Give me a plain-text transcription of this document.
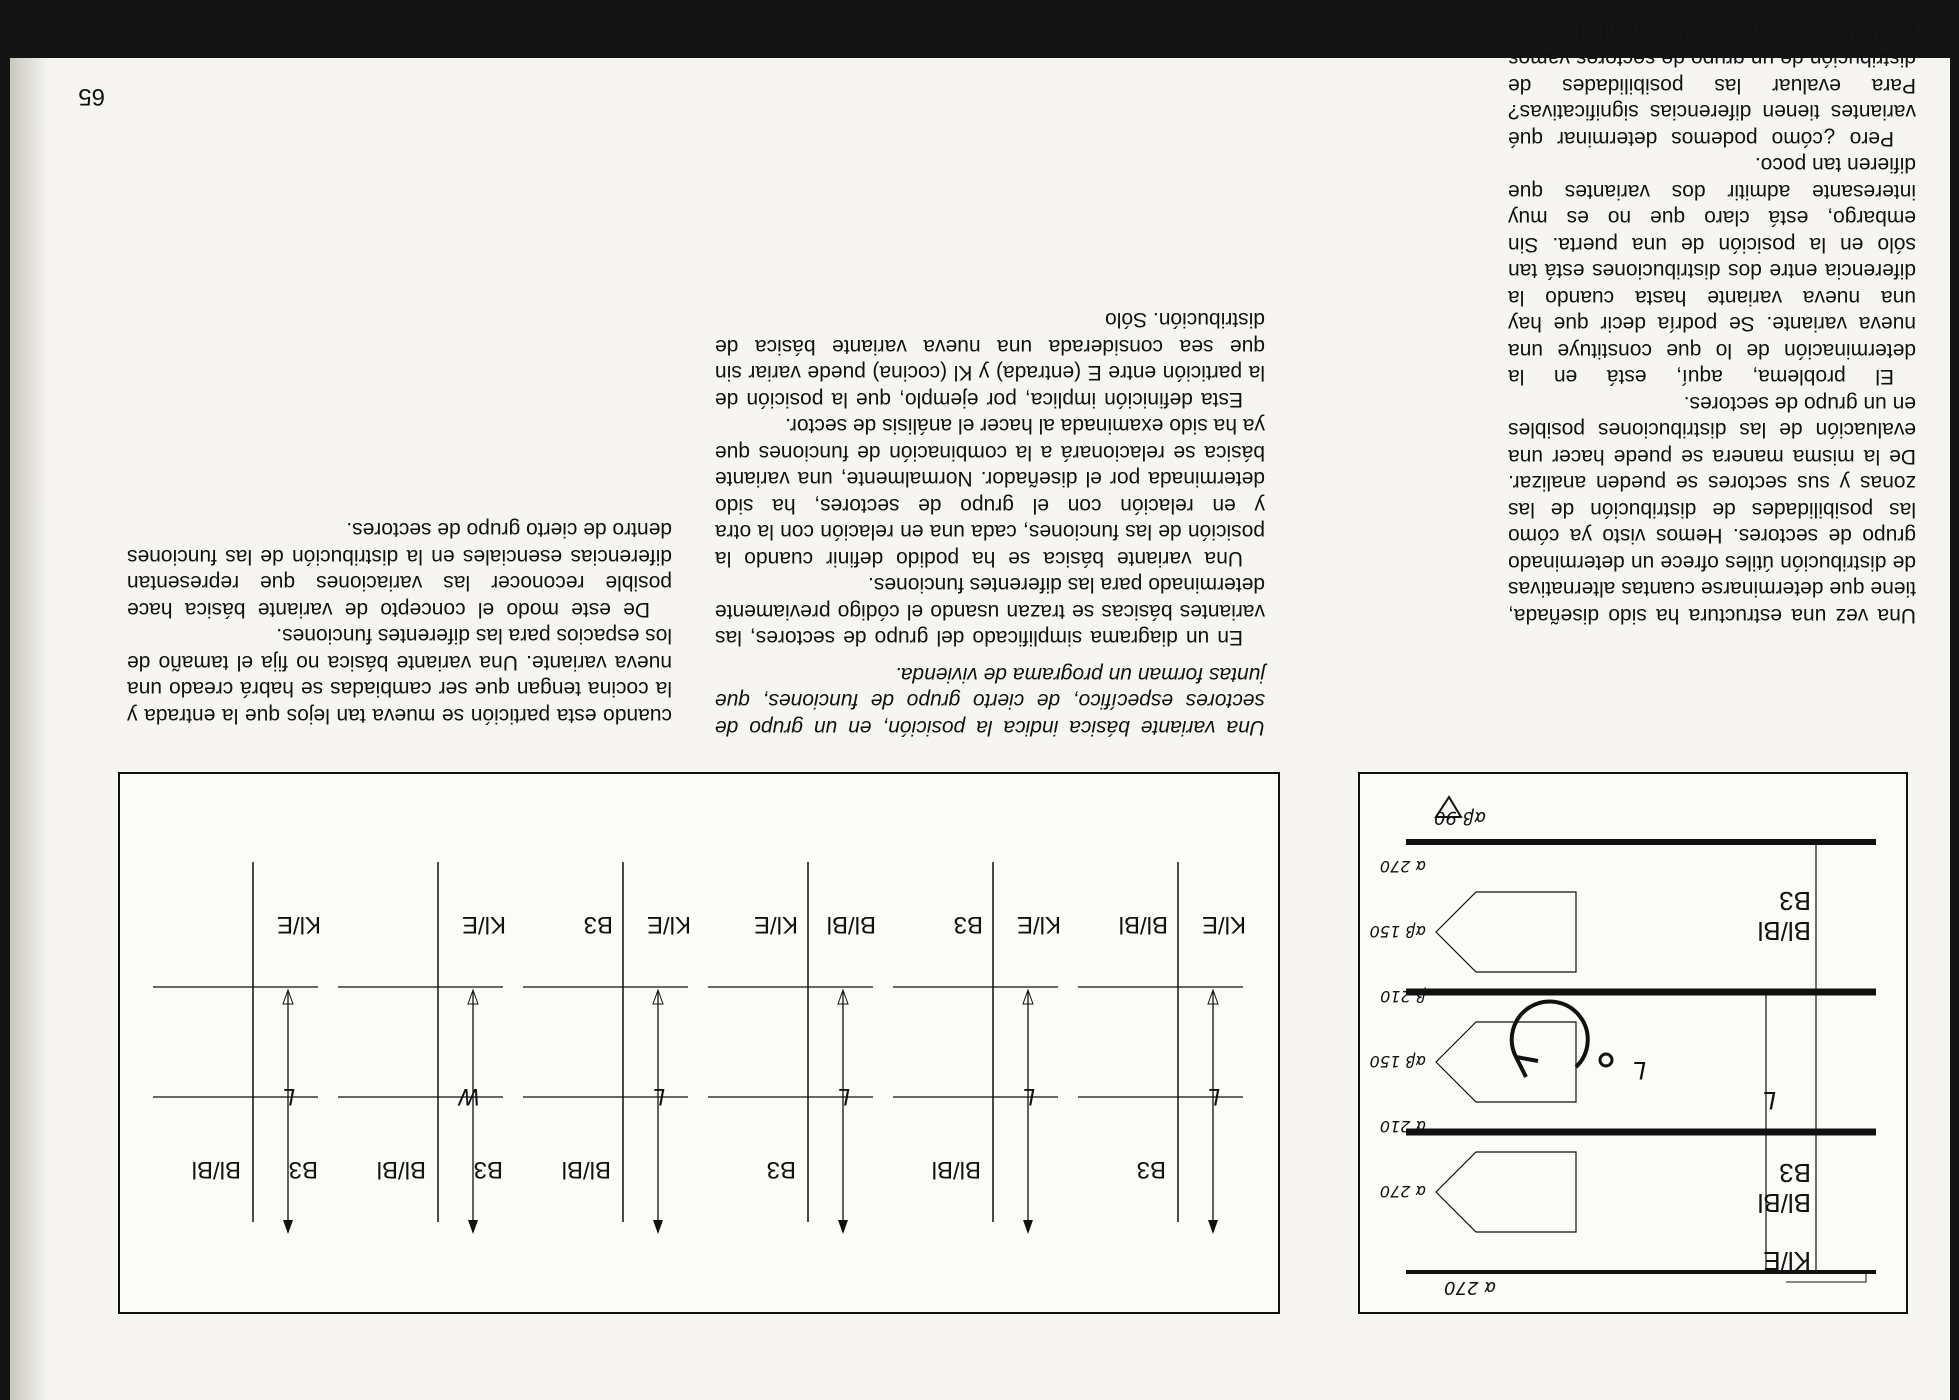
65

Una vez una estructura ha sido diseñada, tiene que determinarse cuantas alternativas de distribución útiles ofrece un determinado grupo de sectores. Hemos visto ya cómo las posibilidades de distribución de las zonas y sus sectores se pueden analizar. De la misma manera se puede hacer una evaluación de las distribuciones posibles en un grupo de sectores.

El problema, aquí, está en la determinación de lo que constituye una nueva variante. Se podría decir que hay una nueva variante hasta cuando la diferencia entre dos distribuciones está tan sólo en la posición de una puerta. Sin embargo, está claro que no es muy interesante admitir dos variantes que difieren tan poco.

Pero ¿cómo podemos determinar qué variantes tienen diferencias significativas? Para evaluar las posibilidades de distribución de un grupo de sectores vamos a introducir el concepto de variante básica.

Una variante básica indica la posición, en un grupo de sectores específico, de cierto grupo de funciones, que juntas forman un programa de vivienda.

En un diagrama simplificado del grupo de sectores, las variantes básicas se trazan usando el código previamente determinado para las diferentes funciones.

Una variante básica se ha podido definir cuando la posición de las funciones, cada una en relación con la otra y en relación con el grupo de sectores, ha sido determinada por el diseñador. Normalmente, una variante básica se relacionará a la combinación de funciones que ya ha sido examinada al hacer el análisis de sector.

Esta definición implica, por ejemplo, que la posición de la partición entre E (entrada) y Kl (cocina) puede variar sin que sea considerada una nueva variante básica de distribución. Sólo

cuando esta partición se mueva tan lejos que la entrada y la cocina tengan que ser cambiadas se habrá creado una nueva variante. Una variante básica no fija el tamaño de los espacios para las diferentes funciones.

De este modo el concepto de variante básica hace posible reconocer las variaciones que representan diferencias esenciales en la distribución de las funciones dentro de cierto grupo de sectores.

Bl/Bl
B3
Bl/Bl
B3
L
L
α 270
αβ 90
α 270
α 210
αβ 150
β 210
αβ 150
α 270
Kl/E
L
B3
Kl/E
Bl/Bl
L
Bl/Bl
Kl/E
B3
L
B3
Bl/Bl
Kl/E
L
Bl/Bl
Kl/E
B3
W
Bl/Bl B3
Kl/E
L
Bl/Bl B3
Kl/E
